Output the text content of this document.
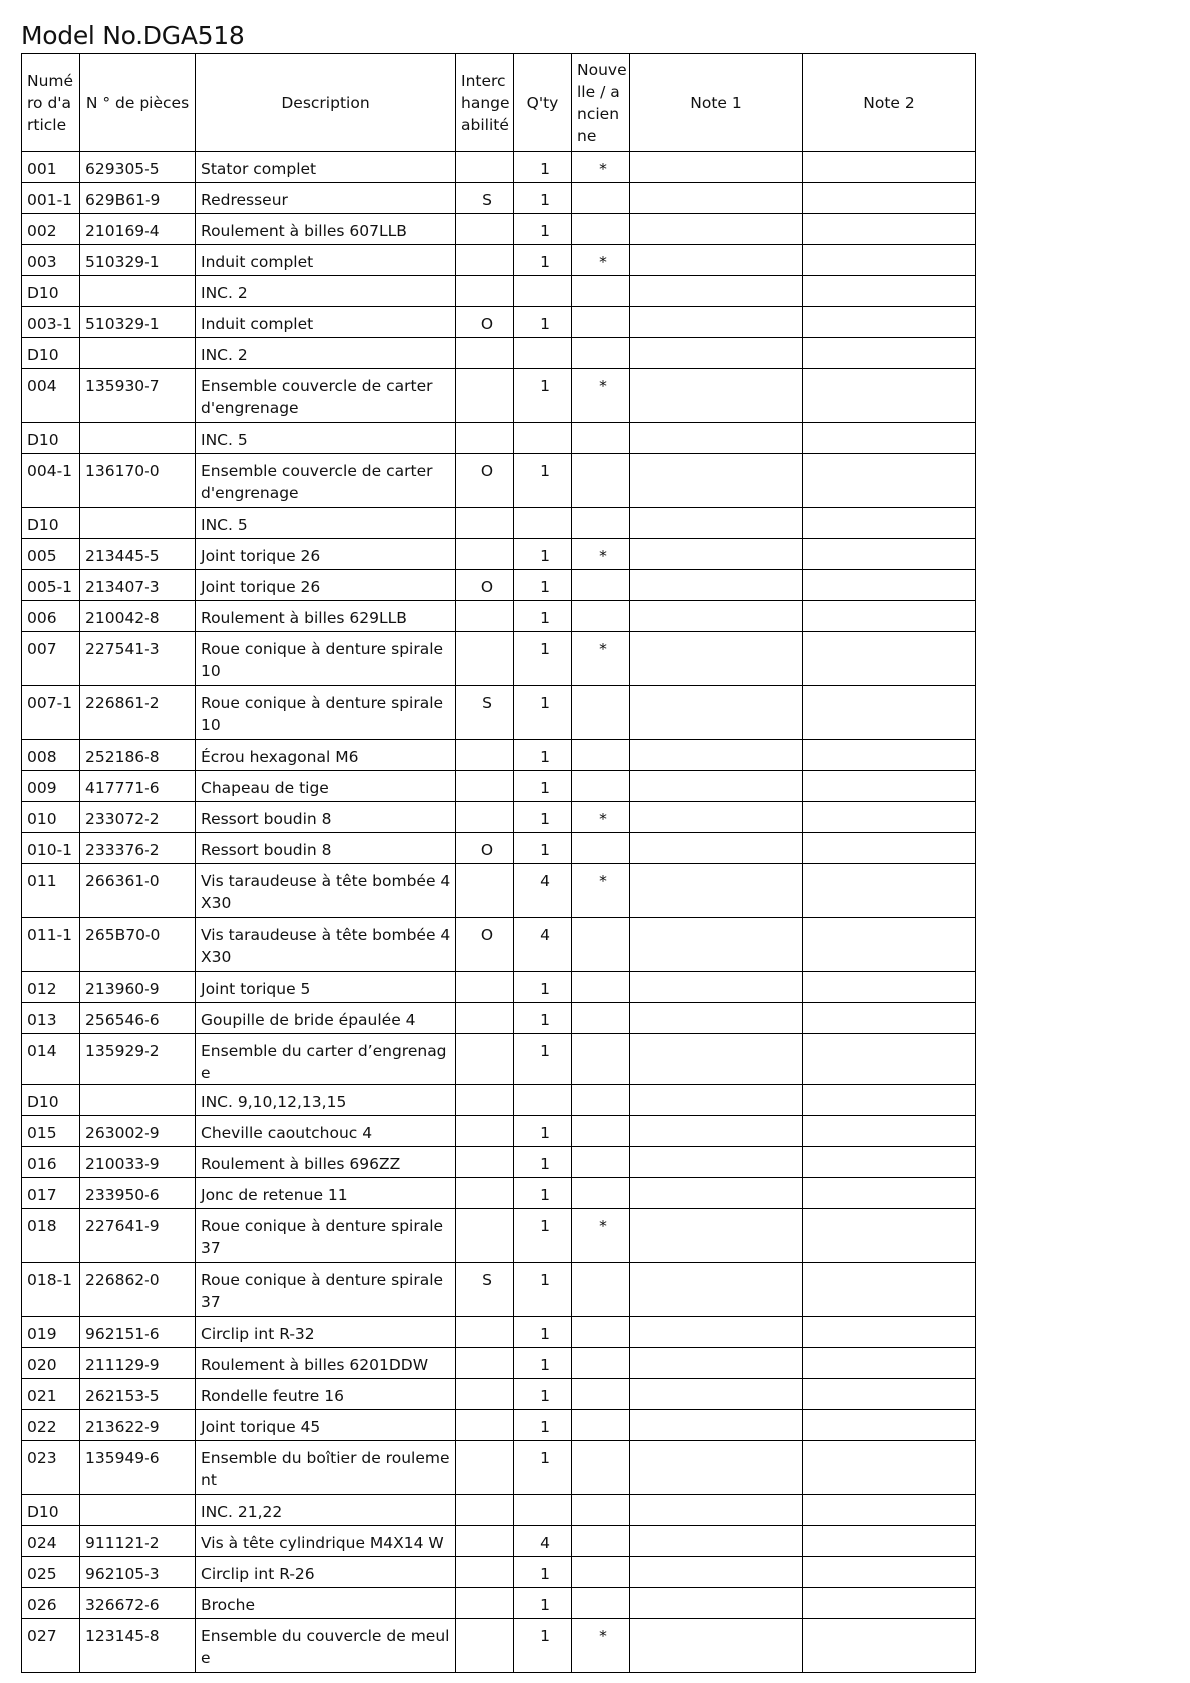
Model No.DGA518
Numéro d'article	N ° de pièces	Description	Interchangeabilité	Q'ty	Nouvelle / ancienne	Note 1	Note 2
001	629305-5	Stator complet		1	*		
001-1	629B61-9	Redresseur	S	1			
002	210169-4	Roulement à billes 607LLB		1			
003	510329-1	Induit complet		1	*		
D10		INC. 2					
003-1	510329-1	Induit complet	O	1			
D10		INC. 2					
004	135930-7	Ensemble couvercle de carter d'engrenage		1	*		
D10		INC. 5					
004-1	136170-0	Ensemble couvercle de carter d'engrenage	O	1			
D10		INC. 5					
005	213445-5	Joint torique 26		1	*		
005-1	213407-3	Joint torique 26	O	1			
006	210042-8	Roulement à billes 629LLB		1			
007	227541-3	Roue conique à denture spirale 10		1	*		
007-1	226861-2	Roue conique à denture spirale 10	S	1			
008	252186-8	Écrou hexagonal M6		1			
009	417771-6	Chapeau de tige		1			
010	233072-2	Ressort boudin 8		1	*		
010-1	233376-2	Ressort boudin 8	O	1			
011	266361-0	Vis taraudeuse à tête bombée 4X30		4	*		
011-1	265B70-0	Vis taraudeuse à tête bombée 4X30	O	4			
012	213960-9	Joint torique 5		1			
013	256546-6	Goupille de bride épaulée 4		1			
014	135929-2	Ensemble du carter d’engrenage		1			
D10		INC. 9,10,12,13,15					
015	263002-9	Cheville caoutchouc 4		1			
016	210033-9	Roulement à billes 696ZZ		1			
017	233950-6	Jonc de retenue 11		1			
018	227641-9	Roue conique à denture spirale 37		1	*		
018-1	226862-0	Roue conique à denture spirale 37	S	1			
019	962151-6	Circlip int R-32		1			
020	211129-9	Roulement à billes 6201DDW		1			
021	262153-5	Rondelle feutre 16		1			
022	213622-9	Joint torique 45		1			
023	135949-6	Ensemble du boîtier de roulement		1			
D10		INC. 21,22					
024	911121-2	Vis à tête cylindrique M4X14 W		4			
025	962105-3	Circlip int R-26		1			
026	326672-6	Broche		1			
027	123145-8	Ensemble du couvercle de meule		1	*		
